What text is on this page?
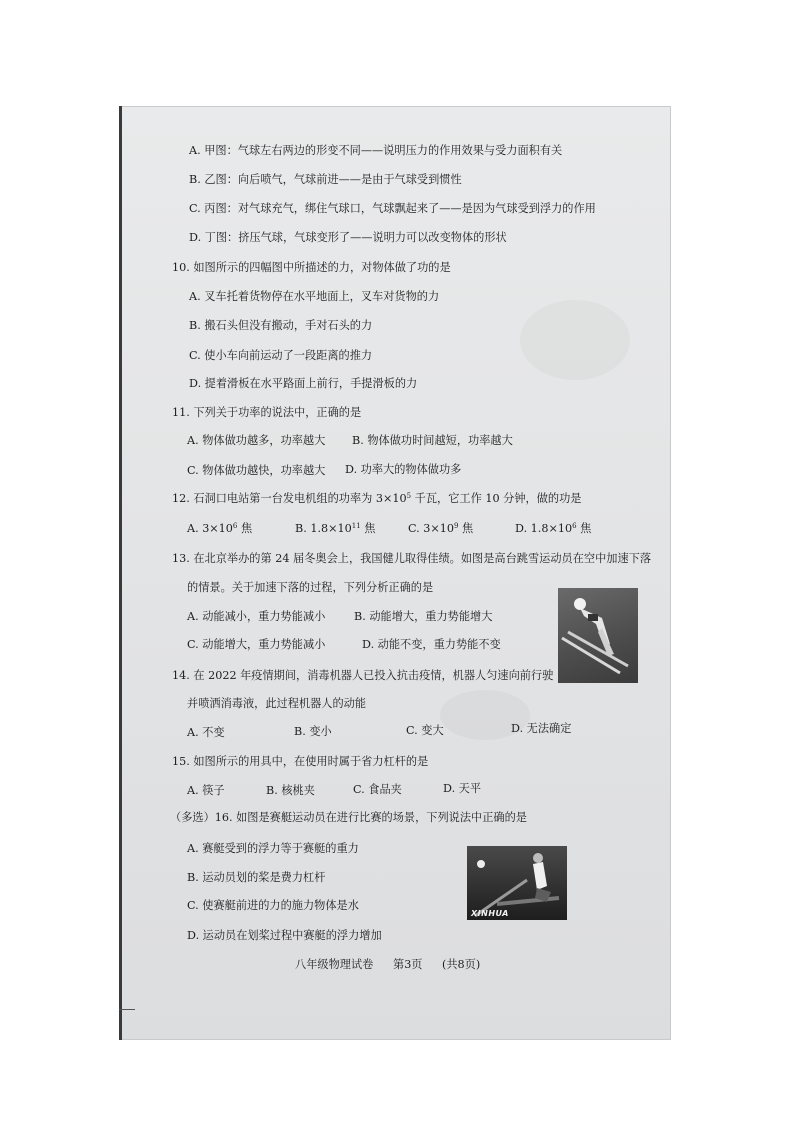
A. 甲图：气球左右两边的形变不同——说明压力的作用效果与受力面积有关
B. 乙图：向后喷气，气球前进——是由于气球受到惯性
C. 丙图：对气球充气，绑住气球口，气球飘起来了——是因为气球受到浮力的作用
D. 丁图：挤压气球，气球变形了——说明力可以改变物体的形状
10. 如图所示的四幅图中所描述的力，对物体做了功的是
A. 叉车托着货物停在水平地面上，叉车对货物的力
B. 搬石头但没有搬动，手对石头的力
C. 使小车向前运动了一段距离的推力
D. 提着滑板在水平路面上前行，手提滑板的力
11. 下列关于功率的说法中，正确的是
A. 物体做功越多，功率越大 B. 物体做功时间越短，功率越大
C. 物体做功越快，功率越大 D. 功率大的物体做功多
12. 石洞口电站第一台发电机组的功率为 $3\times 10^5$ 千瓦，它工作 10 分钟，做的功是
A. $3\times 10^6$ 焦	B. $1.8\times 10^{11}$ 焦	C. $3\times 10^9$ 焦	D. $1.8\times 10^6$ 焦
13. 在北京举办的第 24 届冬奥会上，我国健儿取得佳绩。如图是高台跳雪运动员在空中加速下落
的情景。关于加速下落的过程，下列分析正确的是
A. 动能减小，重力势能减小	B. 动能增大，重力势能增大
C. 动能增大，重力势能减小	D. 动能不变，重力势能不变
14. 在 2022 年疫情期间，消毒机器人已投入抗击疫情，机器人匀速向前行驶
并喷洒消毒液，此过程机器人的动能
A. 不变	B. 变小	C. 变大	D. 无法确定
15. 如图所示的用具中，在使用时属于省力杠杆的是
A. 筷子	B. 核桃夹	C. 食品夹	D. 天平
（多选）16. 如图是赛艇运动员在进行比赛的场景，下列说法中正确的是
A. 赛艇受到的浮力等于赛艇的重力
B. 运动员划的桨是费力杠杆
C. 使赛艇前进的力的施力物体是水
D. 运动员在划桨过程中赛艇的浮力增加
XINHUA
八年级物理试卷 第3页 (共8页)
